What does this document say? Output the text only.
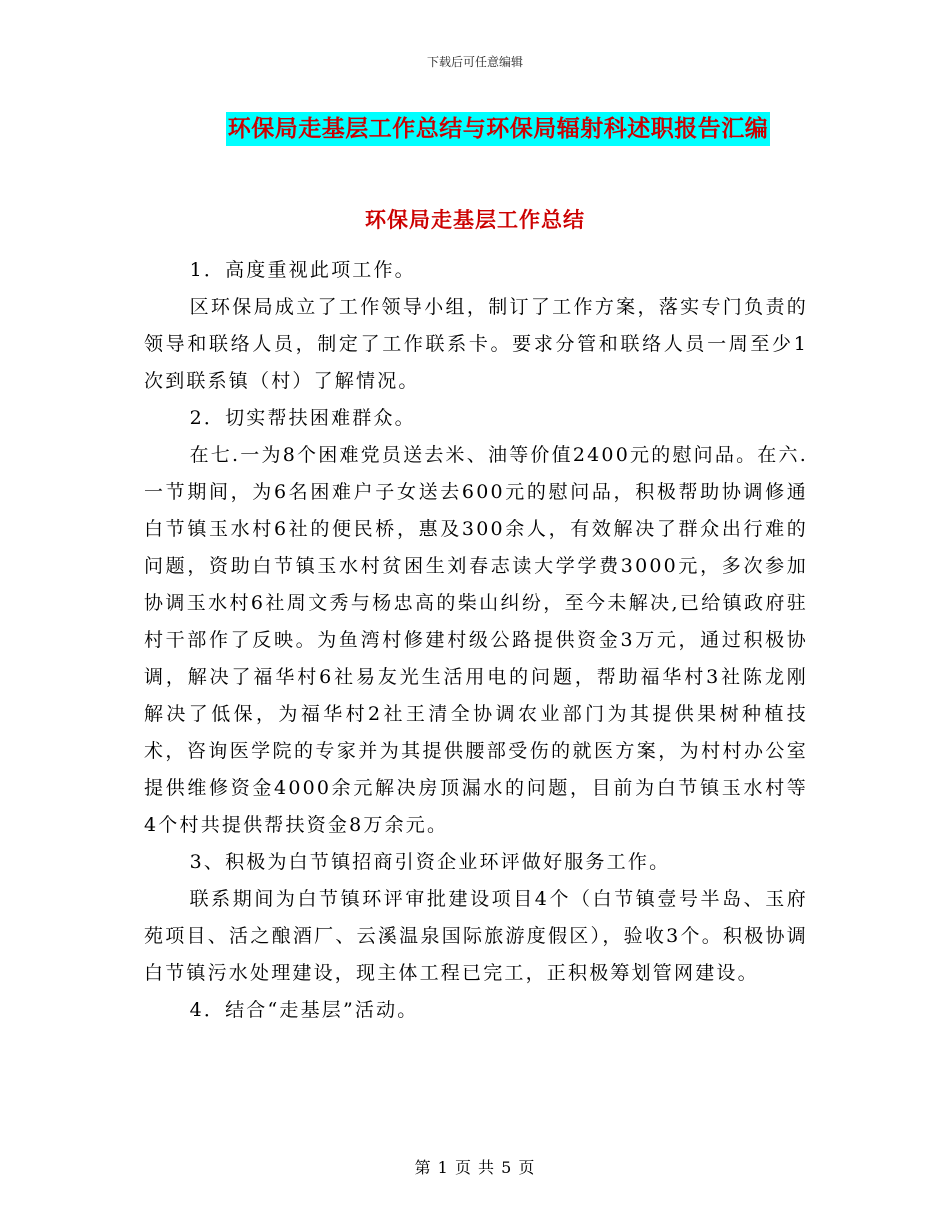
下载后可任意编辑
环保局走基层工作总结与环保局辐射科述职报告汇编
环保局走基层工作总结

1．高度重视此项工作。

区环保局成立了工作领导小组，制订了工作方案，落实专门负责的领导和联络人员，制定了工作联系卡。要求分管和联络人员一周至少1次到联系镇（村）了解情况。

2．切实帮扶困难群众。

在七.一为8个困难党员送去米、油等价值2400元的慰问品。在六.一节期间，为6名困难户子女送去600元的慰问品，积极帮助协调修通白节镇玉水村6社的便民桥，惠及300余人，有效解决了群众出行难的问题，资助白节镇玉水村贫困生刘春志读大学学费3000元，多次参加协调玉水村6社周文秀与杨忠高的柴山纠纷，至今未解决,已给镇政府驻村干部作了反映。为鱼湾村修建村级公路提供资金3万元，通过积极协调，解决了福华村6社易友光生活用电的问题，帮助福华村3社陈龙刚解决了低保，为福华村2社王清全协调农业部门为其提供果树种植技术，咨询医学院的专家并为其提供腰部受伤的就医方案，为村村办公室提供维修资金4000余元解决房顶漏水的问题，目前为白节镇玉水村等4个村共提供帮扶资金8万余元。

3、积极为白节镇招商引资企业环评做好服务工作。

联系期间为白节镇环评审批建设项目4个（白节镇壹号半岛、玉府苑项目、活之酿酒厂、云溪温泉国际旅游度假区），验收3个。积极协调白节镇污水处理建设，现主体工程已完工，正积极筹划管网建设。

4．结合“走基层”活动。

第 1 页 共 5 页
